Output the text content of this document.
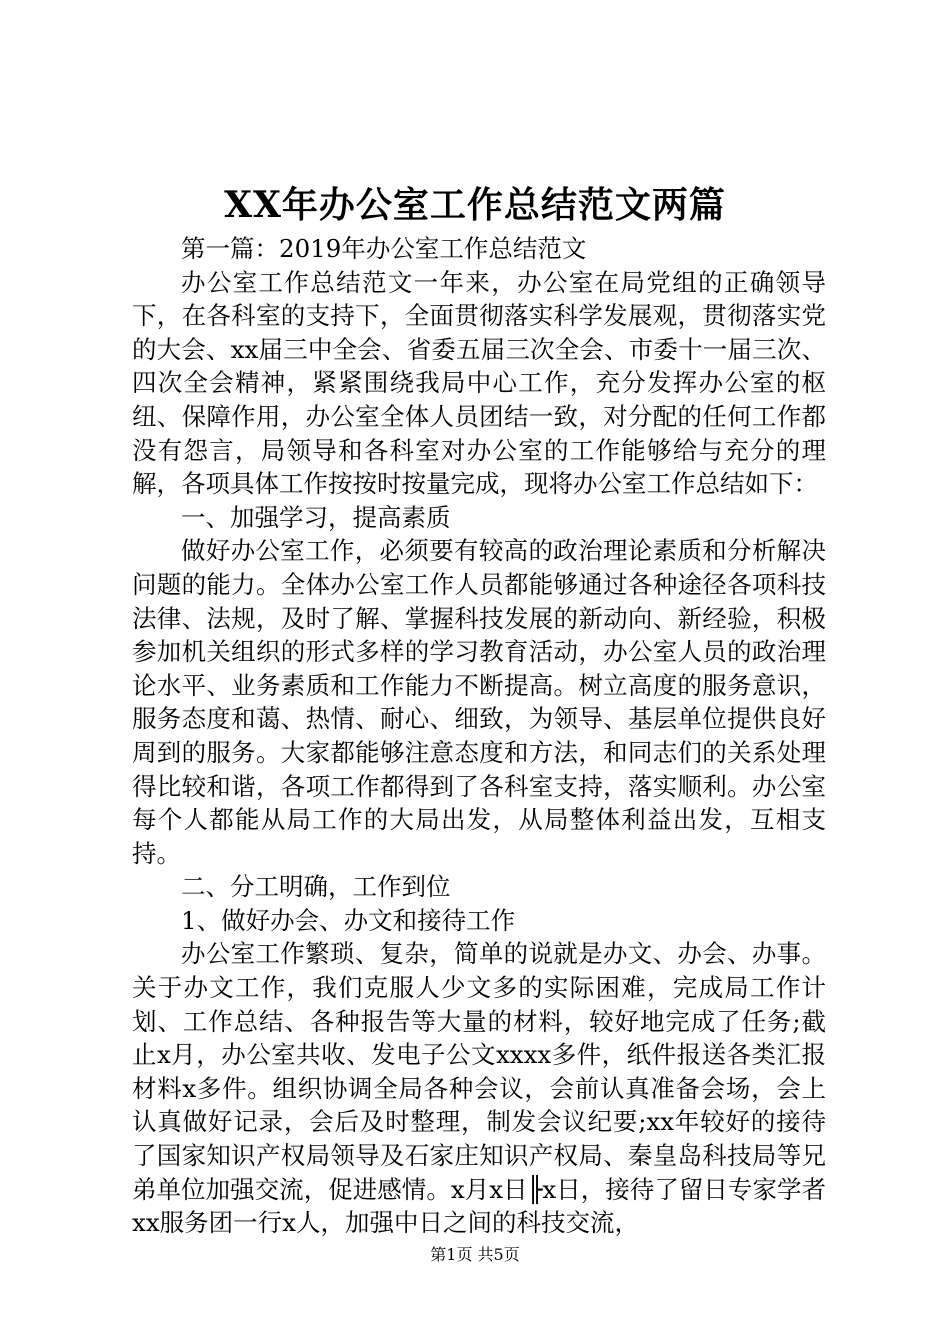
XX年办公室工作总结范文两篇

第一篇：2019年办公室工作总结范文

办公室工作总结范文一年来，办公室在局党组的正确领导下，在各科室的支持下，全面贯彻落实科学发展观，贯彻落实党的大会、xx届三中全会、省委五届三次全会、市委十一届三次、四次全会精神，紧紧围绕我局中心工作，充分发挥办公室的枢纽、保障作用，办公室全体人员团结一致，对分配的任何工作都没有怨言，局领导和各科室对办公室的工作能够给与充分的理解，各项具体工作按按时按量完成，现将办公室工作总结如下：

一、加强学习，提高素质

做好办公室工作，必须要有较高的政治理论素质和分析解决问题的能力。全体办公室工作人员都能够通过各种途径各项科技法律、法规，及时了解、掌握科技发展的新动向、新经验，积极参加机关组织的形式多样的学习教育活动，办公室人员的政治理论水平、业务素质和工作能力不断提高。树立高度的服务意识，服务态度和蔼、热情、耐心、细致，为领导、基层单位提供良好周到的服务。大家都能够注意态度和方法，和同志们的关系处理得比较和谐，各项工作都得到了各科室支持，落实顺利。办公室每个人都能从局工作的大局出发，从局整体利益出发，互相支持。

二、分工明确，工作到位

1、做好办会、办文和接待工作

办公室工作繁琐、复杂，简单的说就是办文、办会、办事。关于办文工作，我们克服人少文多的实际困难，完成局工作计划、工作总结、各种报告等大量的材料，较好地完成了任务;截止x月，办公室共收、发电子公文xxxx多件，纸件报送各类汇报材料x多件。组织协调全局各种会议，会前认真准备会场，会上认真做好记录，会后及时整理，制发会议纪要;xx年较好的接待了国家知识产权局领导及石家庄知识产权局、秦皇岛科技局等兄弟单位加强交流，促进感情。x月x日╟x日，接待了留日专家学者xx服务团一行x人，加强中日之间的科技交流，

第1页 共5页
